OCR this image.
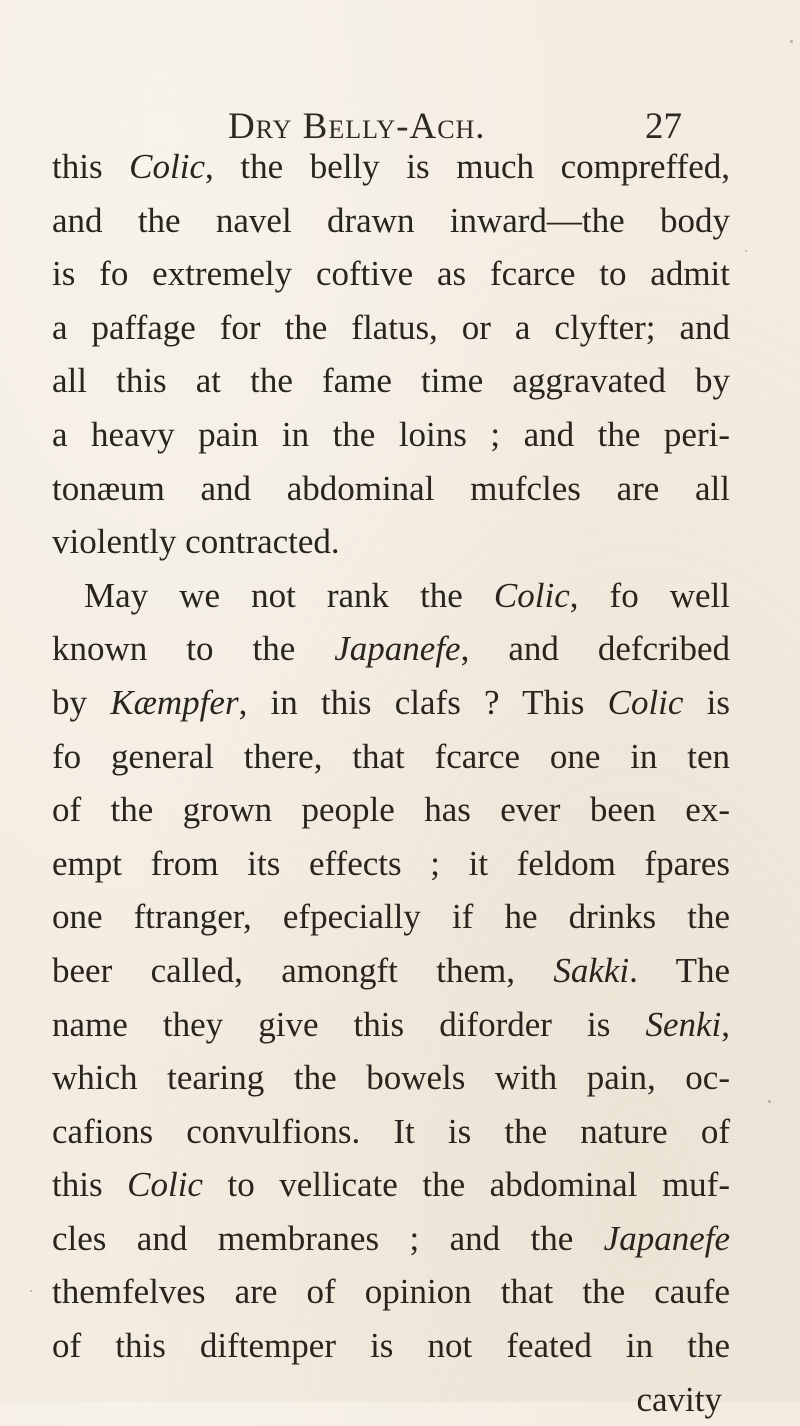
Dry Belly-Ach.	27
this Colic, the belly is much compreffed,
and the navel drawn inward—the body
is fo extremely coftive as fcarce to admit
a paffage for the flatus, or a clyfter; and
all this at the fame time aggravated by
a heavy pain in the loins ; and the peri-
tonæum and abdominal mufcles are all
violently contracted.
May we not rank the Colic, fo well
known to the Japanefe, and defcribed
by Kæmpfer, in this clafs ? This Colic is
fo general there, that fcarce one in ten
of the grown people has ever been ex-
empt from its effects ; it feldom fpares
one ftranger, efpecially if he drinks the
beer called, amongft them, Sakki. The
name they give this diforder is Senki,
which tearing the bowels with pain, oc-
cafions convulfions. It is the nature of
this Colic to vellicate the abdominal muf-
cles and membranes ; and the Japanefe
themfelves are of opinion that the caufe
of this diftemper is not feated in the
cavity
